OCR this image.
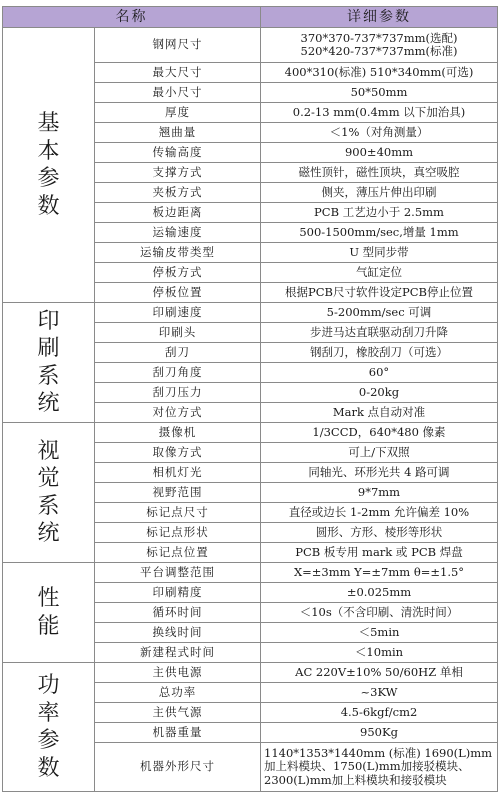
名称		详细参数
基本参数	钢网尺寸	370*370-737*737mm(选配)
520*420-737*737mm(标准)
	最大尺寸	400*310(标准) 510*340mm(可选)
	最小尺寸	50*50mm
	厚度	0.2-13 mm(0.4mm 以下加治具)
	翘曲量	＜1%（对角测量）
	传输高度	900±40mm
	支撑方式	磁性顶针，磁性顶块，真空吸腔
	夹板方式	侧夹，薄压片伸出印刷
	板边距离	PCB 工艺边小于 2.5mm
	运输速度	500-1500mm/sec,增量 1mm
	运输皮带类型	U 型同步带
	停板方式	气缸定位
	停板位置	根据PCB尺寸软件设定PCB停止位置
印刷系统	印刷速度	5-200mm/sec 可调
	印刷头	步进马达直联驱动刮刀升降
	刮刀	钢刮刀，橡胶刮刀（可选）
	刮刀角度	60°
	刮刀压力	0-20kg
	对位方式	Mark 点自动对准
视觉系统	摄像机	1/3CCD，640*480 像素
	取像方式	可上/下双照
	相机灯光	同轴光、环形光共 4 路可调
	视野范围	9*7mm
	标记点尺寸	直径或边长 1-2mm 允许偏差 10%
	标记点形状	圆形、方形、棱形等形状
	标记点位置	PCB 板专用 mark 或 PCB 焊盘
性能	平台调整范围	X=±3mm Y=±7mm θ=±1.5°
	印刷精度	±0.025mm
	循环时间	＜10s（不含印刷、清洗时间）
	换线时间	＜5min
	新建程式时间	＜10min
功率参数	主供电源	AC 220V±10% 50/60HZ 单相
	总功率	~3KW
	主供气源	4.5-6kgf/cm2
	机器重量	950Kg
	机器外形尺寸	1140*1353*1440mm (标准) 1690(L)mm 加上料模块、1750(L)mm加接驳模块、2300(L)mm加上料模块和接驳模块
